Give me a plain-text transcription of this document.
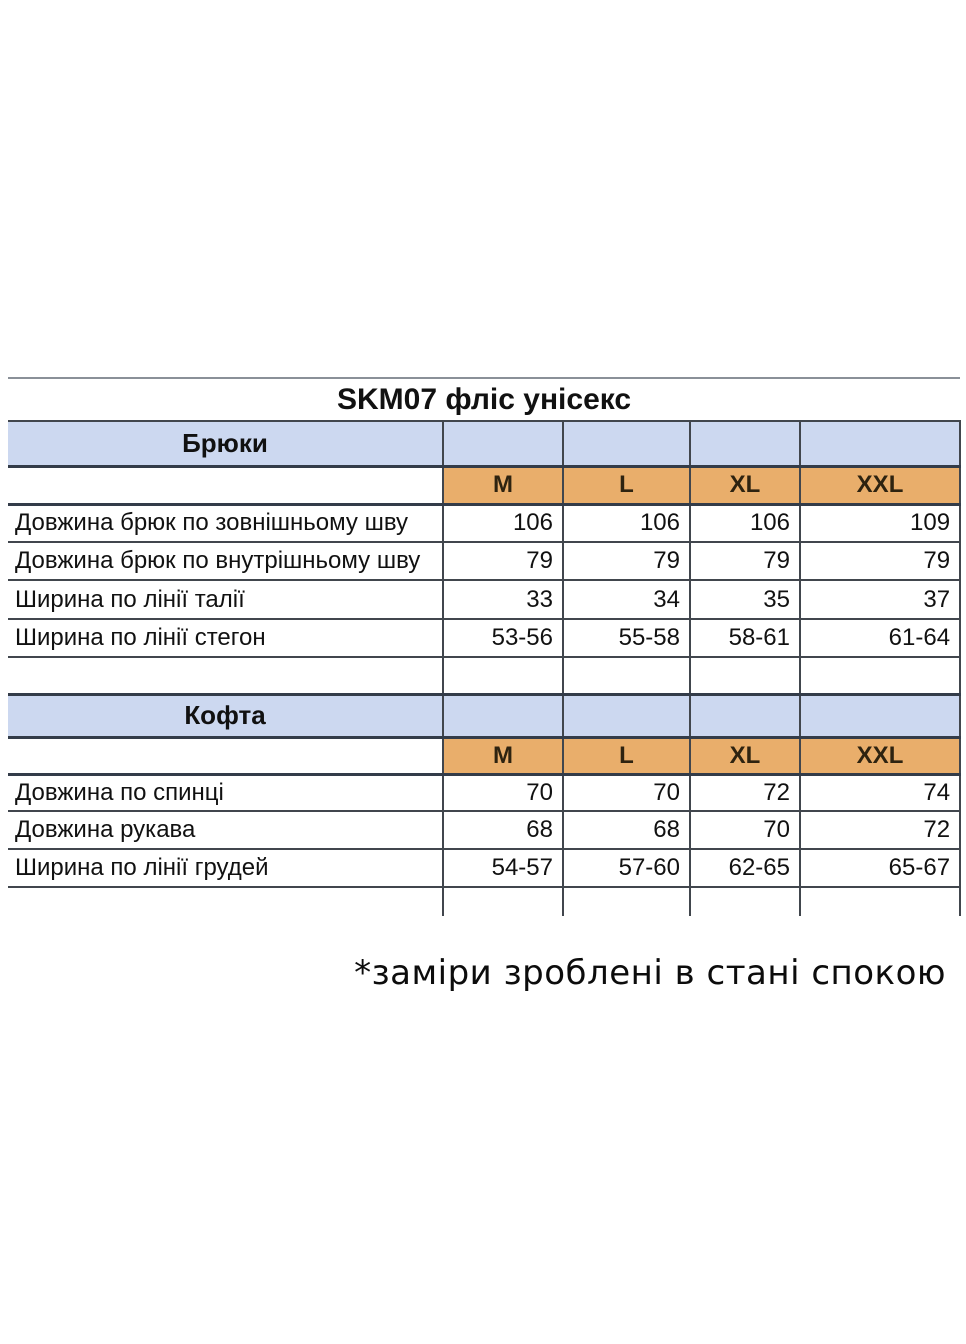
SKM07 фліс унісекс				
Брюки				
	M	L	XL	XXL
Довжина брюк по зовнішньому шву	106	106	106	109
Довжина брюк по внутрішньому шву	79	79	79	79
Ширина по лінії талії	33	34	35	37
Ширина по лінії стегон	53-56	55-58	58-61	61-64

Кофта				
	M	L	XL	XXL
Довжина по спинці	70	70	72	74
Довжина рукава	68	68	70	72
Ширина по лінії грудей	54-57	57-60	62-65	65-67

*заміри зроблені в стані спокою
